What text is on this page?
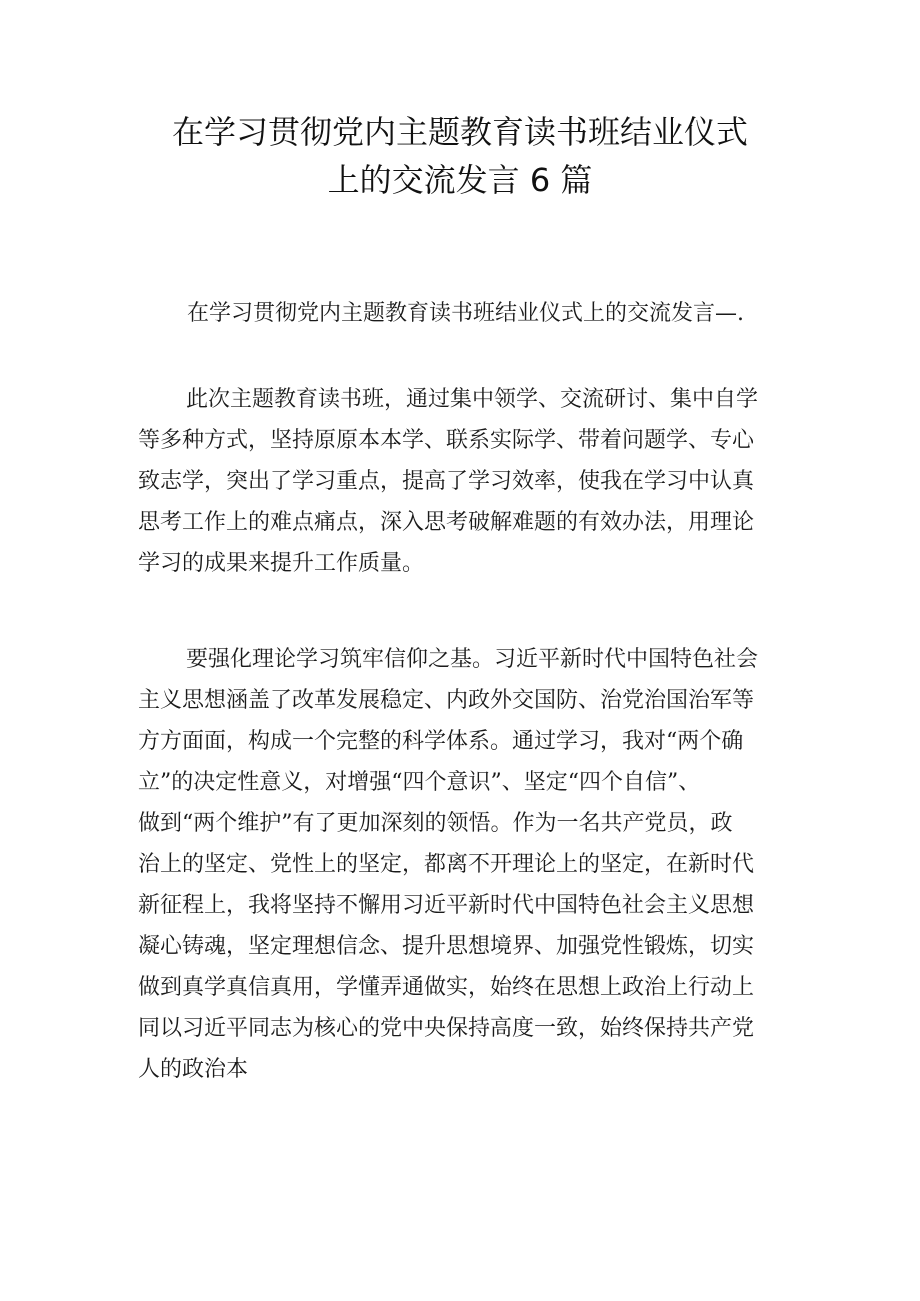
在学习贯彻党内主题教育读书班结业仪式
上的交流发言 6 篇
在学习贯彻党内主题教育读书班结业仪式上的交流发言—.
此次主题教育读书班，通过集中领学、交流研讨、集中自学
等多种方式，坚持原原本本学、联系实际学、带着问题学、专心
致志学，突出了学习重点，提高了学习效率，使我在学习中认真
思考工作上的难点痛点，深入思考破解难题的有效办法，用理论
学习的成果来提升工作质量。
要强化理论学习筑牢信仰之基。习近平新时代中国特色社会
主义思想涵盖了改革发展稳定、内政外交国防、治党治国治军等
方方面面，构成一个完整的科学体系。通过学习，我对“两个确
立”的决定性意义，对增强“四个意识”、坚定“四个自信”、
做到“两个维护”有了更加深刻的领悟。作为一名共产党员，政
治上的坚定、党性上的坚定，都离不开理论上的坚定，在新时代
新征程上，我将坚持不懈用习近平新时代中国特色社会主义思想
凝心铸魂，坚定理想信念、提升思想境界、加强党性锻炼，切实
做到真学真信真用，学懂弄通做实，始终在思想上政治上行动上
同以习近平同志为核心的党中央保持高度一致，始终保持共产党
人的政治本
